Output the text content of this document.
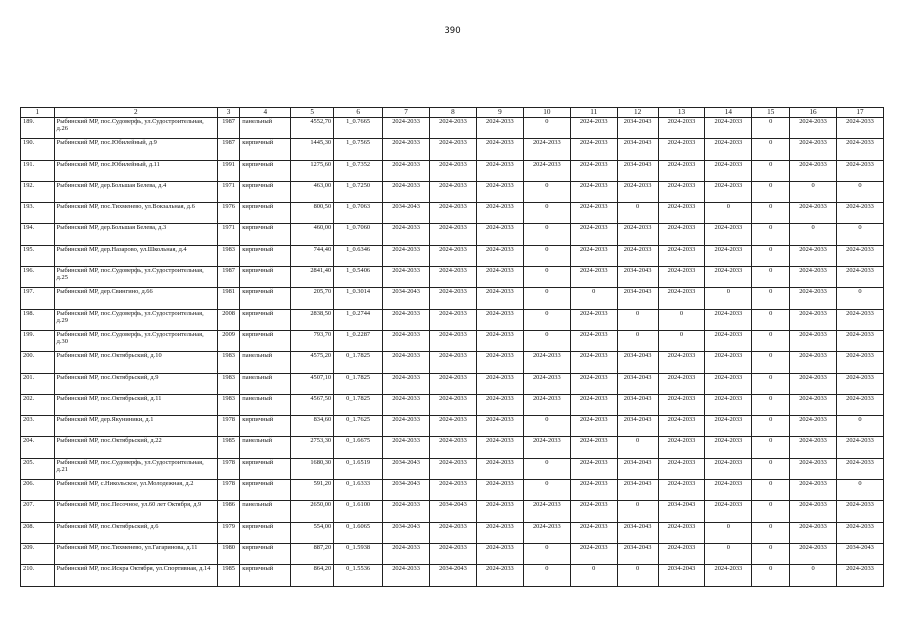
390
1	2	3	4	5	6	7	8	9	10	11	12	13	14	15	16	17
189.	Рыбинский МР, пос.Судоверфь, ул.Судостроительная, д.26	1987	панельный	4552,70	1_0.7665	2024-2033	2024-2033	2024-2033	0	2024-2033	2034-2043	2024-2033	2024-2033	0	2024-2033	2024-2033
190.	Рыбинский МР, пос.Юбилейный, д.9	1987	кирпичный	1445,30	1_0.7565	2024-2033	2024-2033	2024-2033	2024-2033	2024-2033	2034-2043	2024-2033	2024-2033	0	2024-2033	2024-2033
191.	Рыбинский МР, пос.Юбилейный, д.11	1991	кирпичный	1275,60	1_0.7352	2024-2033	2024-2033	2024-2033	2024-2033	2024-2033	2034-2043	2024-2033	2024-2033	0	2024-2033	2024-2033
192.	Рыбинский МР, дер.Большая Белева, д.4	1971	кирпичный	463,00	1_0.7250	2024-2033	2024-2033	2024-2033	0	2024-2033	2024-2033	2024-2033	2024-2033	0	0	0
193.	Рыбинский МР, пос.Тихменево, ул.Вокзальная, д.6	1976	кирпичный	800,50	1_0.7063	2034-2043	2024-2033	2024-2033	0	2024-2033	0	2024-2033	0	0	2024-2033	2024-2033
194.	Рыбинский МР, дер.Большая Белева, д.3	1971	кирпичный	460,00	1_0.7060	2024-2033	2024-2033	2024-2033	0	2024-2033	2024-2033	2024-2033	2024-2033	0	0	0
195.	Рыбинский МР, дер.Назарово, ул.Школьная, д.4	1983	кирпичный	744,40	1_0.6346	2024-2033	2024-2033	2024-2033	0	2024-2033	2024-2033	2024-2033	2024-2033	0	2024-2033	2024-2033
196.	Рыбинский МР, пос.Судоверфь, ул.Судостроительная, д.25	1987	кирпичный	2841,40	1_0.5406	2024-2033	2024-2033	2024-2033	0	2024-2033	2034-2043	2024-2033	2024-2033	0	2024-2033	2024-2033
197.	Рыбинский МР, дер.Свингино, д.66	1981	кирпичный	205,70	1_0.3014	2034-2043	2024-2033	2024-2033	0	0	2034-2043	2024-2033	0	0	2024-2033	0
198.	Рыбинский МР, пос.Судоверфь, ул.Судостроительная, д.29	2008	кирпичный	2838,50	1_0.2744	2024-2033	2024-2033	2024-2033	0	2024-2033	0	0	2024-2033	0	2024-2033	2024-2033
199.	Рыбинский МР, пос.Судоверфь, ул.Судостроительная, д.30	2009	кирпичный	793,70	1_0.2287	2024-2033	2024-2033	2024-2033	0	2024-2033	0	0	2024-2033	0	2024-2033	2024-2033
200.	Рыбинский МР, пос.Октябрьский, д.10	1983	панельный	4575,20	0_1.7825	2024-2033	2024-2033	2024-2033	2024-2033	2024-2033	2034-2043	2024-2033	2024-2033	0	2024-2033	2024-2033
201.	Рыбинский МР, пос.Октябрьский, д.9	1983	панельный	4507,10	0_1.7825	2024-2033	2024-2033	2024-2033	2024-2033	2024-2033	2034-2043	2024-2033	2024-2033	0	2024-2033	2024-2033
202.	Рыбинский МР, пос.Октябрьский, д.11	1983	панельный	4567,50	0_1.7825	2024-2033	2024-2033	2024-2033	2024-2033	2024-2033	2034-2043	2024-2033	2024-2033	0	2024-2033	2024-2033
203.	Рыбинский МР, дер.Якуниники, д.1	1978	кирпичный	834,60	0_1.7625	2024-2033	2024-2033	2024-2033	0	2024-2033	2034-2043	2024-2033	2024-2033	0	2024-2033	0
204.	Рыбинский МР, пос.Октябрьский, д.22	1985	панельный	2753,30	0_1.6675	2024-2033	2024-2033	2024-2033	2024-2033	2024-2033	0	2024-2033	2024-2033	0	2024-2033	2024-2033
205.	Рыбинский МР, пос.Судоверфь, ул.Судостроительная, д.21	1978	кирпичный	1680,30	0_1.6519	2034-2043	2024-2033	2024-2033	0	2024-2033	2034-2043	2024-2033	2024-2033	0	2024-2033	2024-2033
206.	Рыбинский МР, с.Никольское, ул.Молодежная, д.2	1978	кирпичный	591,20	0_1.6333	2034-2043	2024-2033	2024-2033	0	2024-2033	2034-2043	2024-2033	2024-2033	0	2024-2033	0
207.	Рыбинский МР, пос.Песочное, ул.60 лет Октября, д.9	1986	панельный	2650,00	0_1.6100	2024-2033	2034-2043	2024-2033	2024-2033	2024-2033	0	2034-2043	2024-2033	0	2024-2033	2024-2033
208.	Рыбинский МР, пос.Октябрьский, д.6	1979	кирпичный	554,00	0_1.6065	2034-2043	2024-2033	2024-2033	2024-2033	2024-2033	2034-2043	2024-2033	0	0	2024-2033	2024-2033
209.	Рыбинский МР, пос.Тихменево, ул.Гагаринова, д.11	1980	кирпичный	887,20	0_1.5938	2024-2033	2024-2033	2024-2033	0	2024-2033	2034-2043	2024-2033	0	0	2024-2033	2034-2043
210.	Рыбинский МР, пос.Искра Октября, ул.Спортивная, д.14	1985	кирпичный	864,20	0_1.5536	2024-2033	2034-2043	2024-2033	0	0	0	2034-2043	2024-2033	0	0	2024-2033
